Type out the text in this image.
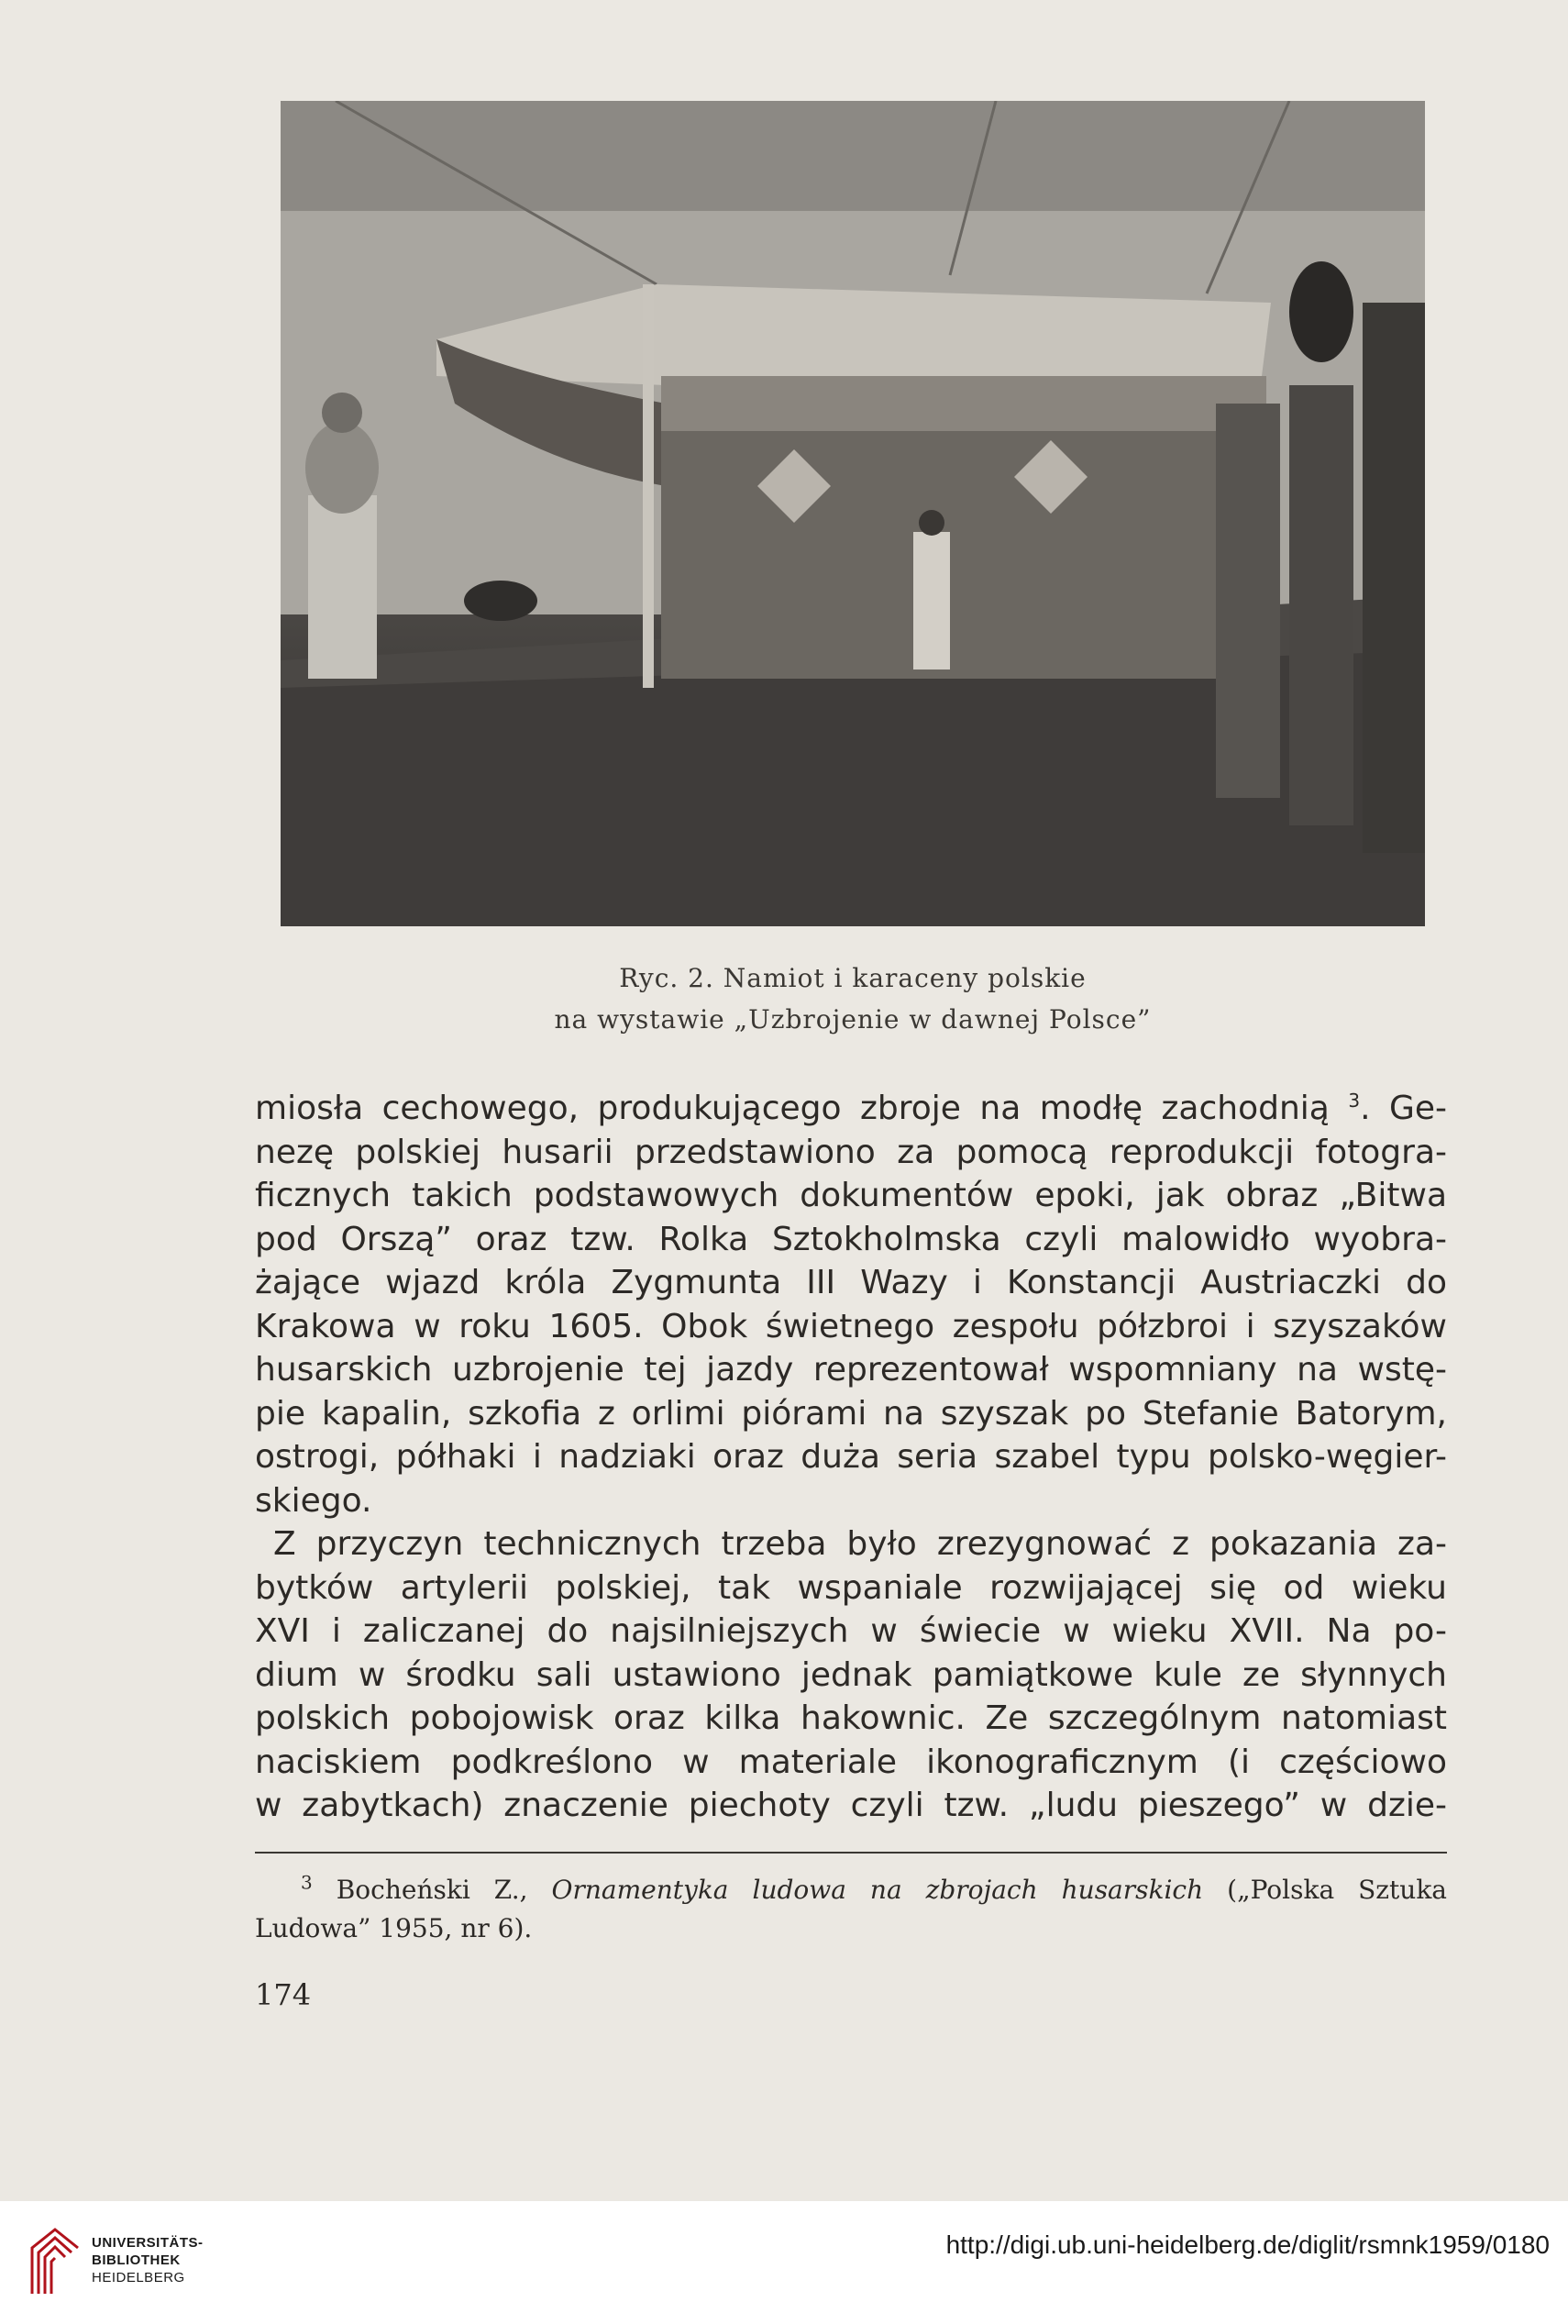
Ryc. 2. Namiot i karaceny polskie
na wystawie „Uzbrojenie w dawnej Polsce”
miosła cechowego, produkującego zbroje na modłę zachodnią $^3$. Ge-
nezę polskiej husarii przedstawiono za pomocą reprodukcji fotogra-
ficznych takich podstawowych dokumentów epoki, jak obraz „Bitwa
pod Orszą” oraz tzw. Rolka Sztokholmska czyli malowidło wyobra-
żające wjazd króla Zygmunta III Wazy i Konstancji Austriaczki do
Krakowa w roku 1605. Obok świetnego zespołu półzbroi i szyszaków
husarskich uzbrojenie tej jazdy reprezentował wspomniany na wstę-
pie kapalin, szkofia z orlimi piórami na szyszak po Stefanie Batorym,
ostrogi, półhaki i nadziaki oraz duża seria szabel typu polsko-węgier-
skiego.
Z przyczyn technicznych trzeba było zrezygnować z pokazania za-
bytków artylerii polskiej, tak wspaniale rozwijającej się od wieku
XVI i zaliczanej do najsilniejszych w świecie w wieku XVII. Na po-
dium w środku sali ustawiono jednak pamiątkowe kule ze słynnych
polskich pobojowisk oraz kilka hakownic. Ze szczególnym natomiast
naciskiem podkreślono w materiale ikonograficznym (i częściowo
w zabytkach) znaczenie piechoty czyli tzw. „ludu pieszego” w dzie-
$^3$ Bocheński Z., Ornamentyka ludowa na zbrojach husarskich („Polska Sztuka
Ludowa” 1955, nr 6).
174
UNIVERSITÄTS-
BIBLIOTHEK
HEIDELBERG
http://digi.ub.uni-heidelberg.de/diglit/rsmnk1959/0180
